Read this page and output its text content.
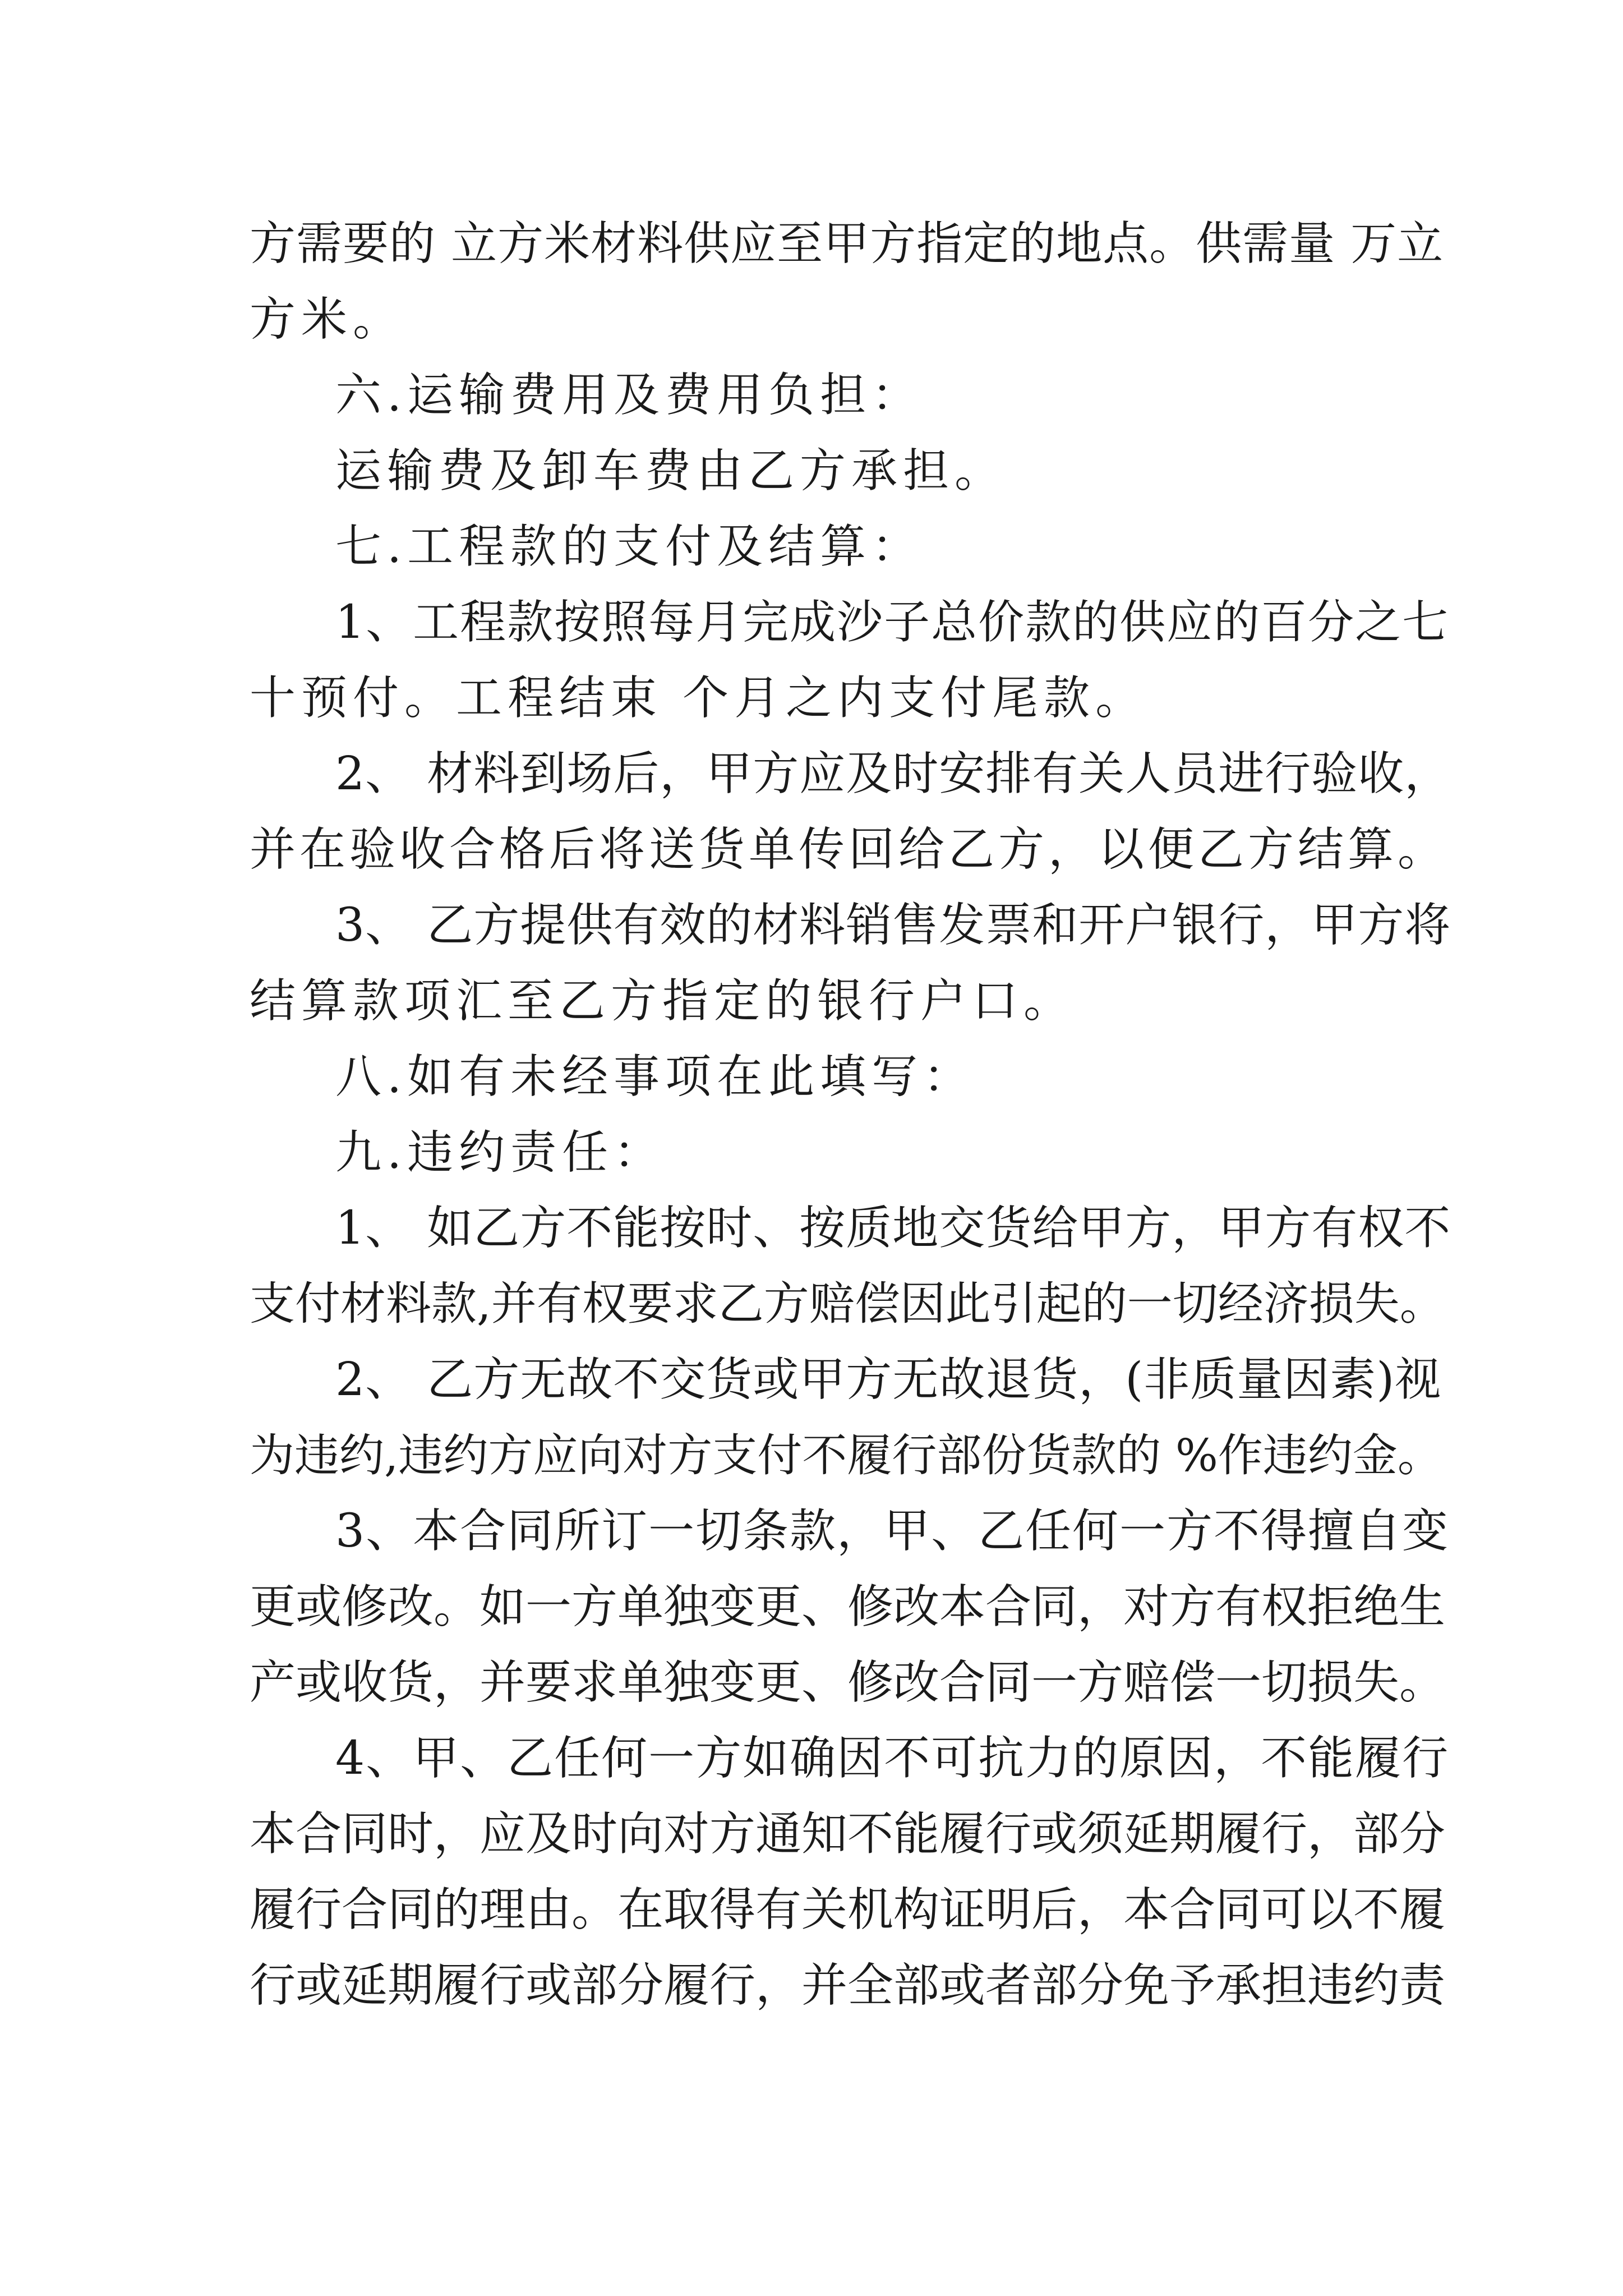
方需要的 立方米材料供应至甲方指定的地点。供需量 万立
方米。
六.运输费用及费用负担：
运输费及卸车费由乙方承担。
七.工程款的支付及结算：
1、工程款按照每月完成沙子总价款的供应的百分之七
十预付。工程结束 个月之内支付尾款。
2、 材料到场后，甲方应及时安排有关人员进行验收，
并在验收合格后将送货单传回给乙方，以便乙方结算。
3、 乙方提供有效的材料销售发票和开户银行，甲方将
结算款项汇至乙方指定的银行户口。
八.如有未经事项在此填写：
九.违约责任：
1、 如乙方不能按时、按质地交货给甲方，甲方有权不
支付材料款,并有权要求乙方赔偿因此引起的一切经济损失。
2、 乙方无故不交货或甲方无故退货，(非质量因素)视
为违约,违约方应向对方支付不履行部份货款的 %作违约金。
3、本合同所订一切条款，甲、乙任何一方不得擅自变
更或修改。如一方单独变更、修改本合同，对方有权拒绝生
产或收货，并要求单独变更、修改合同一方赔偿一切损失。
4、甲、乙任何一方如确因不可抗力的原因，不能履行
本合同时，应及时向对方通知不能履行或须延期履行，部分
履行合同的理由。在取得有关机构证明后，本合同可以不履
行或延期履行或部分履行，并全部或者部分免予承担违约责
